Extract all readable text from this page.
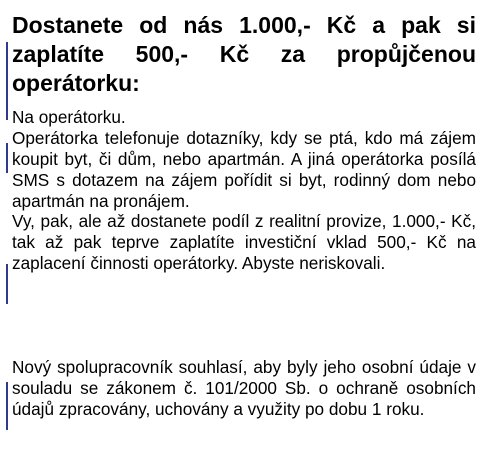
Dostanete od nás 1.000,- Kč a pak si zaplatíte 500,- Kč za propůjčenou operátorku:

Na operátorku.

Operátorka telefonuje dotazníky, kdy se ptá, kdo má zájem koupit byt, či dům, nebo apartmán. A jiná operátorka posílá SMS s dotazem na zájem pořídit si byt, rodinný dom nebo apartmán na pronájem.

Vy, pak, ale až dostanete podíl z realitní provize, 1.000,- Kč, tak až pak teprve zaplatíte investiční vklad 500,- Kč na zaplacení činnosti operátorky. Abyste neriskovali.

Nový spolupracovník souhlasí, aby byly jeho osobní údaje v souladu se zákonem č. 101/2000 Sb. o ochraně osobních údajů zpracovány, uchovány a využity po dobu 1 roku.
